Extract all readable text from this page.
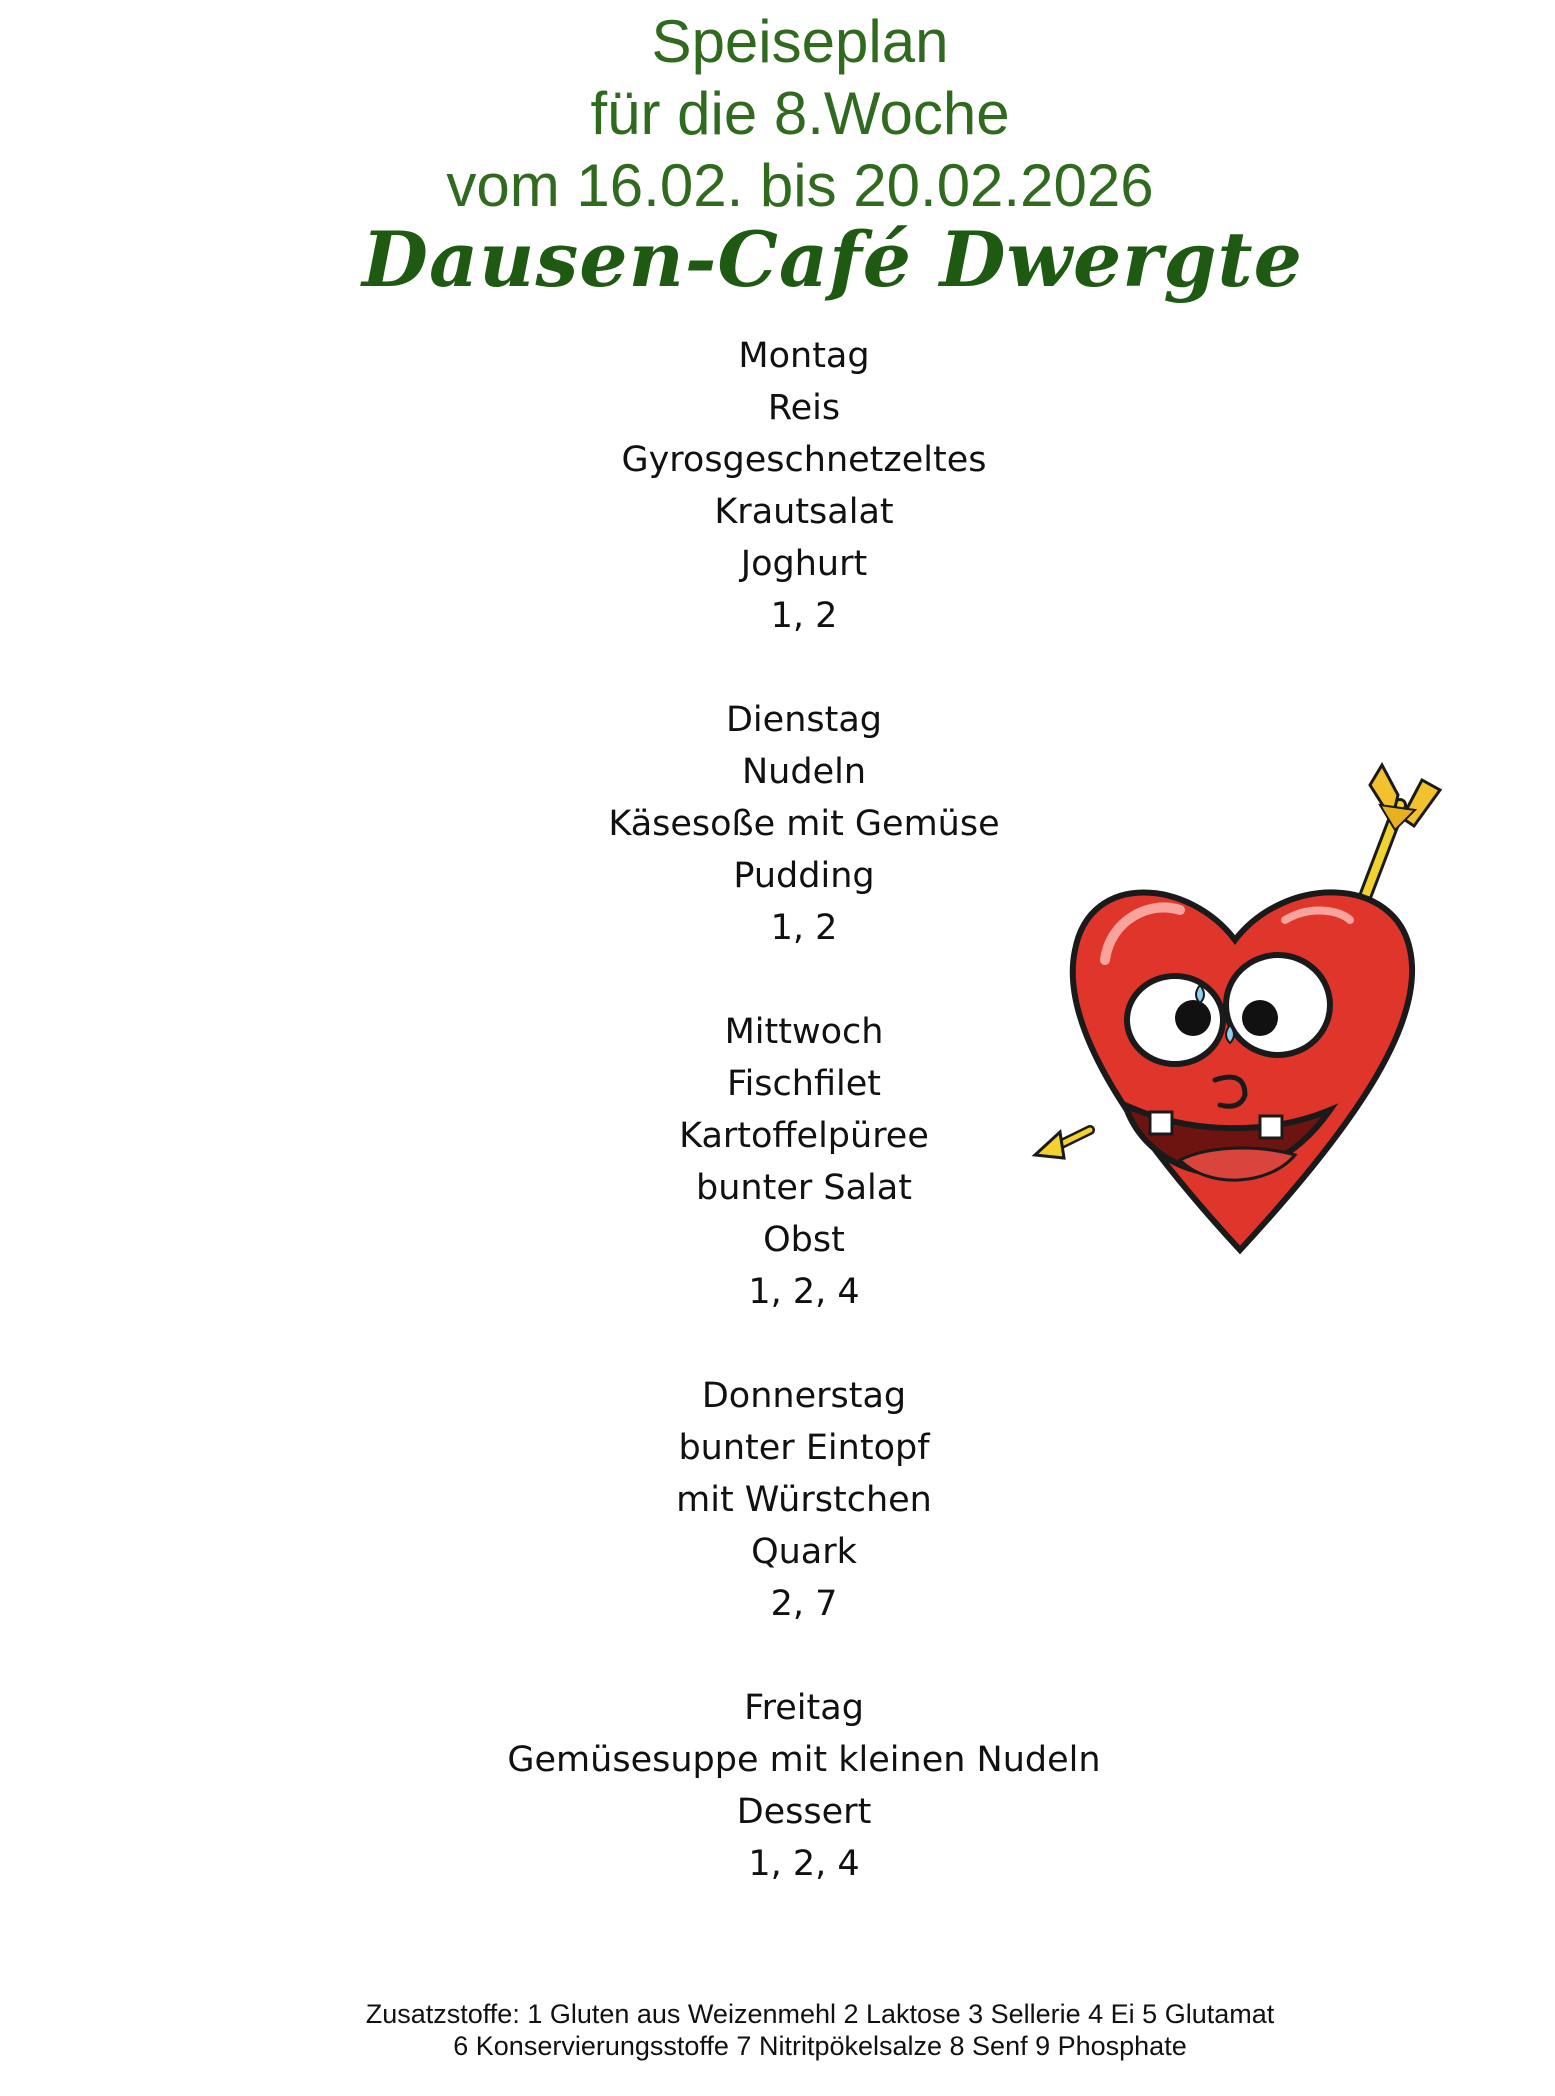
Speiseplan
für die 8.Woche
vom 16.02. bis 20.02.2026
Dausen-Café Dwergte
Montag
Reis
Gyrosgeschnetzeltes
Krautsalat
Joghurt
1, 2
Dienstag
Nudeln
Käsesoße mit Gemüse
Pudding
1, 2
Mittwoch
Fischfilet
Kartoffelpüree
bunter Salat
Obst
1, 2, 4
Donnerstag
bunter Eintopf
mit Würstchen
Quark
2, 7
Freitag
Gemüsesuppe mit kleinen Nudeln
Dessert
1, 2, 4
Zusatzstoffe: 1 Gluten aus Weizenmehl 2 Laktose 3 Sellerie 4 Ei 5 Glutamat
6 Konservierungsstoffe 7 Nitritpökelsalze 8 Senf 9 Phosphate
